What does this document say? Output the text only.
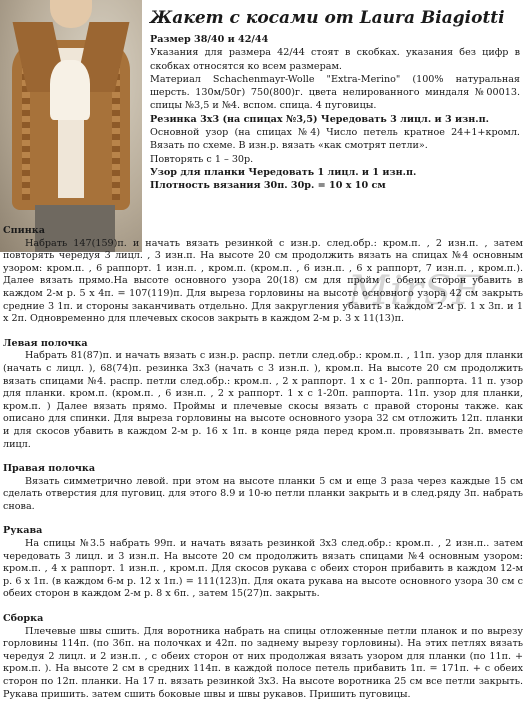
MirSF
Жакет с косами от Laura Biagiotti

Размер 38/40 и 42/44

Указания для размера 42/44 стоят в скобках. указания без цифр в скобках относятся ко всем размерам.

Материал Schachenmayr-Wolle "Extra-Merino" (100% натуральная шерсть. 130м/50г) 750(800)г. цвета нелированного миндаля №00013. спицы №3,5 и №4. вспом. спица. 4 пуговицы.

Резинка 3х3 (на спицах №3,5) Чередовать 3 лицл. и 3 изн.п.

Основной узор (на спицах №4) Число петель кратное 24+1+кромл. Вязать по схеме. В изн.р. вязать «как смотрят петли».

Повторять с 1 – 30р.

Узор для планки Чередовать 1 лицл. и 1 изн.п.

Плотность вязания 30п. 30р. = 10 х 10 см

Спинка

Набрать 147(159)п. и начать вязать резинкой с изн.р. след.обр.: кром.п. , 2 изн.п. , затем повторять чередуя 3 лицл. , 3 изн.п. На высоте 20 см продолжить вязать на спицах №4 основным узором: кром.п. , 6 раппорт. 1 изн.п. , кром.п. (кром.п. , 6 изн.п. , 6 х раппорт, 7 изн.п. , кром.п.). Далее вязать прямо.На высоте основного узора 20(18) см для пройм с обеих сторон убавить в каждом 2-м р. 5 х 4п. = 107(119)п. Для выреза горловины на высоте основного узора 42 см закрыть средние 3 1п. и стороны заканчивать отдельно. Для закругления убавить в каждом 2-м р. 1 х 3п. и 1 х 2п. Одновременно для плечевых скосов закрыть в каждом 2-м р. 3 х 11(13)п.

Левая полочка

Набрать 81(87)п. и начать вязать с изн.р. распр. петли след.обр.: кром.п. , 11п. узор для планки (начать с лицл. ), 68(74)п. резинка 3х3 (начать с 3 изн.п. ), кром.п. На высоте 20 см продолжить вязать спицами №4. распр. петли след.обр.: кром.п. , 2 х раппорт. 1 х с 1- 20п. раппорта. 11 п. узор для планки. кром.п. (кром.п. , 6 изн.п. , 2 х раппорт. 1 х с 1-20п. раппорта. 11п. узор для планки, кром.п. ) Далее вязать прямо. Проймы и плечевые скосы вязать с правой стороны также. как описано для спинки. Для выреза горловины на высоте основного узора 32 см отложить 12п. планки и для скосов убавить в каждом 2-м р. 16 х 1п. в конце ряда перед кром.п. провязывать 2п. вместе лицл.

Правая полочка

Вязать симметрично левой. при этом на высоте планки 5 см и еще 3 раза через каждые 15 см сделать отверстия для пуговиц. для этого 8.9 и 10-ю петли планки закрыть и в след.ряду 3п. набрать снова.

Рукава

На спицы №3.5 набрать 99п. и начать вязать резинкой 3х3 след.обр.: кром.п. , 2 изн.п.. затем чередовать 3 лицл. и 3 изн.п. На высоте 20 см продолжить вязать спицами №4 основным узором: кром.п. , 4 х раппорт. 1 изн.п. , кром.п. Для скосов рукава с обеих сторон прибавить в каждом 12-м р. 6 х 1п. (в каждом 6-м р. 12 х 1п.) = 111(123)п. Для оката рукава на высоте основного узора 30 см с обеих сторон в каждом 2-м р. 8 х 6п. , затем 15(27)п. закрыть.

Сборка

Плечевые швы сшить. Для воротника набрать на спицы отложенные петли планок и по вырезу горловины 114п. (по 36п. на полочках и 42п. по заднему вырезу горловины). На этих петлях вязать чередуя 2 лицл. и 2 изн.п. , с обеих сторон от них продолжая вязать узором для планки (по 11п. + кром.п. ). На высоте 2 см в средних 114п. в каждой полосе петель прибавить 1п. = 171п. + с обеих сторон по 12п. планки. На 17 п. вязать резинкой 3х3. На высоте воротника 25 см все петли закрыть. Рукава пришить. затем сшить боковые швы и швы рукавов. Пришить пуговицы.
